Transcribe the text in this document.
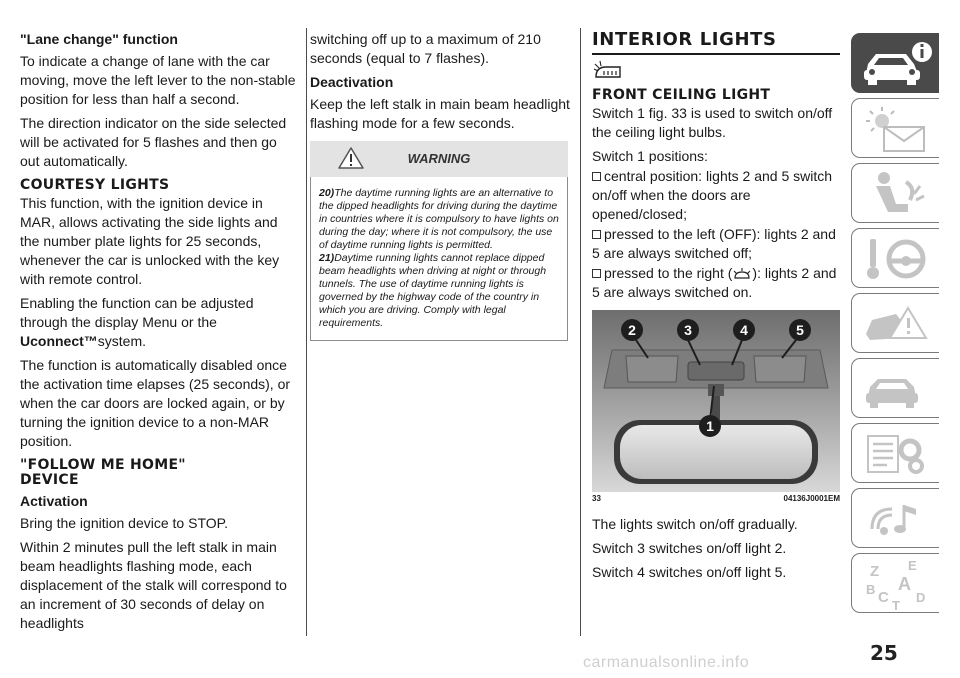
"Lane change" function

To indicate a change of lane with the car moving, move the left lever to the non-stable position for less than half a second.

The direction indicator on the side selected will be activated for 5 flashes and then go out automatically.

COURTESY LIGHTS

This function, with the ignition device in MAR, allows activating the side lights and the number plate lights for 25 seconds, whenever the car is unlocked with the key with remote control.

Enabling the function can be adjusted through the display Menu or the Uconnect™system.

The function is automatically disabled once the activation time elapses (25 seconds), or when the car doors are locked again, or by turning the ignition device to a non-MAR position.

"FOLLOW ME HOME"
DEVICE

Activation

Bring the ignition device to STOP.

Within 2 minutes pull the left stalk in main beam headlights flashing mode, each displacement of the stalk will correspond to an increment of 30 seconds of delay on headlights

switching off up to a maximum of 210 seconds (equal to 7 flashes).

Deactivation

Keep the left stalk in main beam headlight flashing mode for a few seconds.

WARNING

20)The daytime running lights are an alternative to the dipped headlights for driving during the daytime in countries where it is compulsory to have lights on during the day; where it is not compulsory, the use of daytime running lights is permitted.

21)Daytime running lights cannot replace dipped beam headlights when driving at night or through tunnels. The use of daytime running lights is governed by the highway code of the country in which you are driving. Comply with legal requirements.

INTERIOR LIGHTS
FRONT CEILING LIGHT

Switch 1 fig. 33 is used to switch on/off the ceiling light bulbs.

Switch 1 positions:

central position: lights 2 and 5 switch on/off when the doors are opened/closed;

pressed to the left (OFF): lights 2 and 5 are always switched off;

pressed to the right ( ): lights 2 and 5 are always switched on.

2	3	4	5
1
33	04136J0001EM

The lights switch on/off gradually.

Switch 3 switches on/off light 2.

Switch 4 switches on/off light 5.	Z E
A
B C D
T
25
carmanualsonline.info
